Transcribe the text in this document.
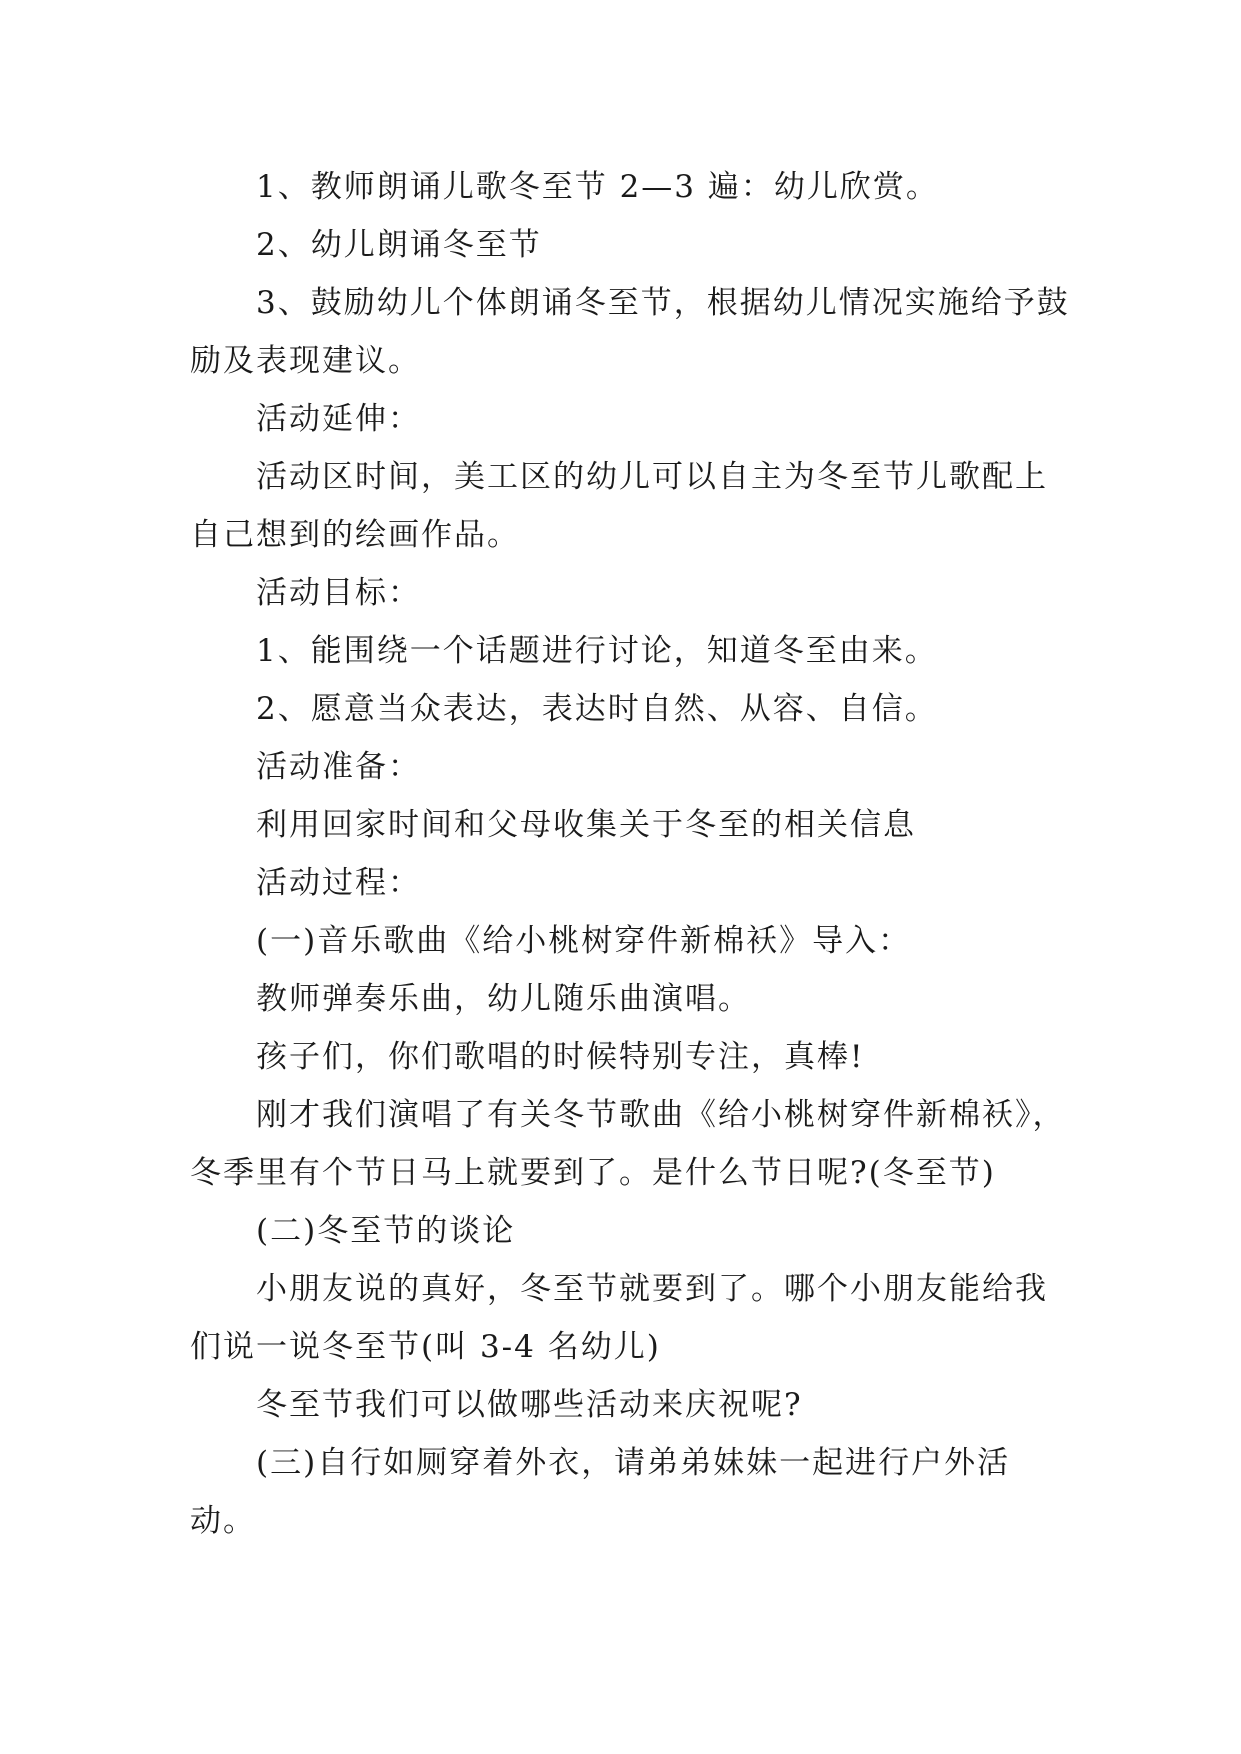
1、教师朗诵儿歌冬至节 2—3 遍：幼儿欣赏。

2、幼儿朗诵冬至节

3、鼓励幼儿个体朗诵冬至节，根据幼儿情况实施给予鼓励及表现建议。

活动延伸：

活动区时间，美工区的幼儿可以自主为冬至节儿歌配上自己想到的绘画作品。

活动目标：

1、能围绕一个话题进行讨论，知道冬至由来。

2、愿意当众表达，表达时自然、从容、自信。

活动准备：

利用回家时间和父母收集关于冬至的相关信息

活动过程：

(一)音乐歌曲《给小桃树穿件新棉袄》导入：

教师弹奏乐曲，幼儿随乐曲演唱。

孩子们，你们歌唱的时候特别专注，真棒!

刚才我们演唱了有关冬节歌曲《给小桃树穿件新棉袄》，冬季里有个节日马上就要到了。是什么节日呢?(冬至节)

(二)冬至节的谈论

小朋友说的真好，冬至节就要到了。哪个小朋友能给我们说一说冬至节(叫 3-4 名幼儿)

冬至节我们可以做哪些活动来庆祝呢?

(三)自行如厕穿着外衣，请弟弟妹妹一起进行户外活动。
